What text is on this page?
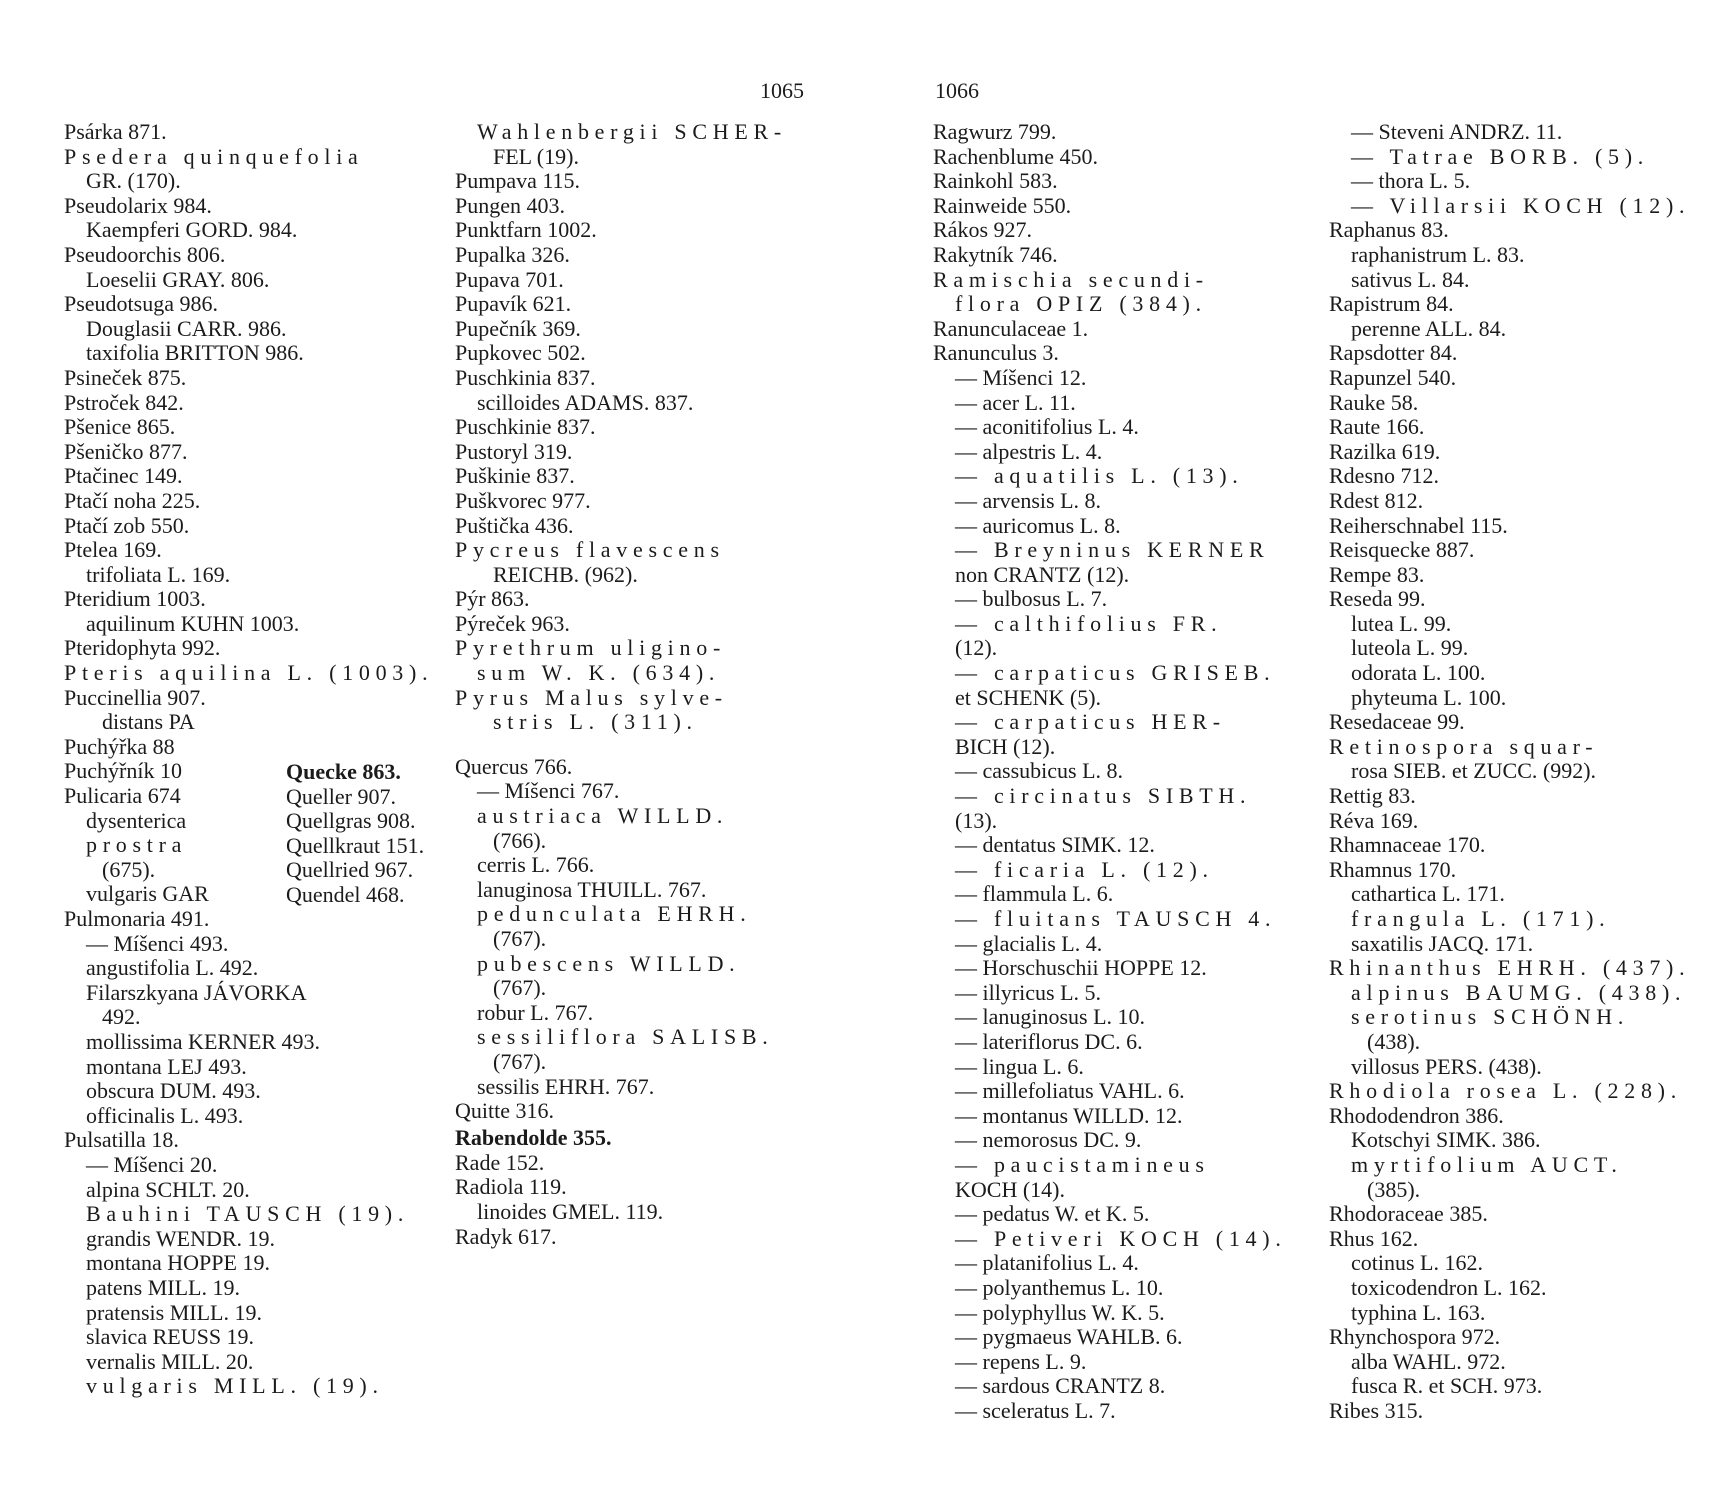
1065
Psárka 871.
Psedera quinquefolia
GR. (170).
Pseudolarix 984.
Kaempferi GORD. 984.
Pseudoorchis 806.
Loeselii GRAY. 806.
Pseudotsuga 986.
Douglasii CARR. 986.
taxifolia BRITTON 986.
Psineček 875.
Pstroček 842.
Pšenice 865.
Pšeničko 877.
Ptačinec 149.
Ptačí noha 225.
Ptačí zob 550.
Ptelea 169.
trifoliata L. 169.
Pteridium 1003.
aquilinum KUHN 1003.
Pteridophyta 992.
Pteris aquilina L. (1003).
Puccinellia 907.
distans PA
Puchýřka 88
Puchýřník 10
Pulicaria 674
dysenterica
prostra
(675).
vulgaris GAR
Pulmonaria 491.
— Míšenci 493.
angustifolia L. 492.
Filarszkyana JÁVORKA
492.
mollissima KERNER 493.
montana LEJ 493.
obscura DUM. 493.
officinalis L. 493.
Pulsatilla 18.
— Míšenci 20.
alpina SCHLT. 20.
Bauhini TAUSCH (19).
grandis WENDR. 19.
montana HOPPE 19.
patens MILL. 19.
pratensis MILL. 19.
slavica REUSS 19.
vernalis MILL. 20.
vulgaris MILL. (19).
Wahlenbergii SCHER-
FEL (19).
Pumpava 115.
Pungen 403.
Punktfarn 1002.
Pupalka 326.
Pupava 701.
Pupavík 621.
Pupečník 369.
Pupkovec 502.
Puschkinia 837.
scilloides ADAMS. 837.
Puschkinie 837.
Pustoryl 319.
Puškinie 837.
Puškvorec 977.
Puštička 436.
Pycreus flavescens
REICHB. (962).
Pýr 863.
Pýreček 963.
Pyrethrum uliginо-
sum W. K. (634).
Pyrus Malus sylve-
stris L. (311).
Quercus 766.
— Míšenci 767.
austriaca WILLD.
(766).
cerris L. 766.
lanuginosa THUILL. 767.
pedunculata EHRH.
(767).
pubescens WILLD.
(767).
robur L. 767.
sessiliflora SALISB.
(767).
sessilis EHRH. 767.
Quitte 316.
Rabendolde 355.
Rade 152.
Radiola 119.
linoides GMEL. 119.
Radyk 617.
Quecke 863.
Queller 907.
Quellgras 908.
Quellkraut 151.
Quellried 967.
Quendel 468.
1066
Ragwurz 799.
Rachenblume 450.
Rainkohl 583.
Rainweide 550.
Rákos 927.
Rakytník 746.
Ramischia secundi-
flora OPIZ (384).
Ranunculaceae 1.
Ranunculus 3.
— Míšenci 12.
— acer L. 11.
— aconitifolius L. 4.
— alpestris L. 4.
— aquatilis L. (13).
— arvensis L. 8.
— auricomus L. 8.
— Breyninus KERNER
non CRANTZ (12).
— bulbosus L. 7.
— calthifolius FR.
(12).
— carpaticus GRISEB.
et SCHENK (5).
— carpaticus HER-
BICH (12).
— cassubicus L. 8.
— circinatus SIBTH.
(13).
— dentatus SIMK. 12.
— ficaria L. (12).
— flammula L. 6.
— fluitans TAUSCH 4.
— glacialis L. 4.
— Horschuschii HOPPE 12.
— illyricus L. 5.
— lanuginosus L. 10.
— lateriflorus DC. 6.
— lingua L. 6.
— millefoliatus VAHL. 6.
— montanus WILLD. 12.
— nemorosus DC. 9.
— paucistamineus
KOCH (14).
— pedatus W. et K. 5.
— Petiveri KOCH (14).
— platanifolius L. 4.
— polyanthemus L. 10.
— polyphyllus W. K. 5.
— pygmaeus WAHLB. 6.
— repens L. 9.
— sardous CRANTZ 8.
— sceleratus L. 7.
— Steveni ANDRZ. 11.
— Tatrae BORB. (5).
— thora L. 5.
— Villarsii KOCH (12).
Raphanus 83.
raphanistrum L. 83.
sativus L. 84.
Rapistrum 84.
perenne ALL. 84.
Rapsdotter 84.
Rapunzel 540.
Rauke 58.
Raute 166.
Razilka 619.
Rdesno 712.
Rdest 812.
Reiherschnabel 115.
Reisquecke 887.
Rempe 83.
Reseda 99.
lutea L. 99.
luteola L. 99.
odorata L. 100.
phyteuma L. 100.
Resedaceae 99.
Retinospora squar-
rosa SIEB. et ZUCC. (992).
Rettig 83.
Réva 169.
Rhamnaceae 170.
Rhamnus 170.
cathartica L. 171.
frangula L. (171).
saxatilis JACQ. 171.
Rhinanthus EHRH. (437).
alpinus BAUMG. (438).
serotinus SCHÖNH.
(438).
villosus PERS. (438).
Rhodiola rosea L. (228).
Rhododendron 386.
Kotschyi SIMK. 386.
myrtifolium AUCT.
(385).
Rhodoraceae 385.
Rhus 162.
cotinus L. 162.
toxicodendron L. 162.
typhina L. 163.
Rhynchospora 972.
alba WAHL. 972.
fusca R. et SCH. 973.
Ribes 315.
